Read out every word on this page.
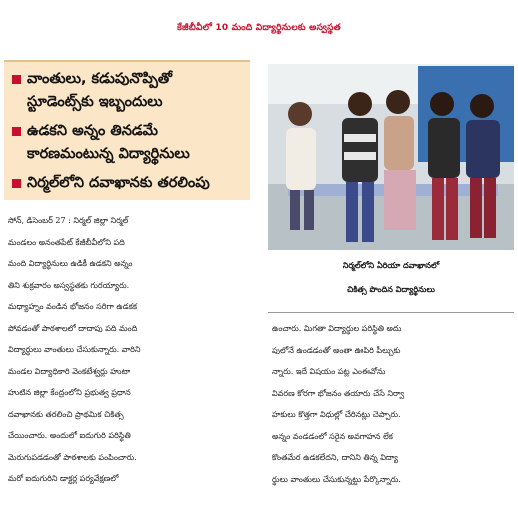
కేజీబీవీలో 10 మంది విద్యార్థినులకు అస్వస్థత
వాంతులు, కడుపునొప్పితో
స్టూడెంట్స్‌కు ఇబ్బందులు
ఉడకని అన్నం తినడమే
కారణమంటున్న విద్యార్థినులు
నిర్మల్‌లోని దవాఖానకు తరలింపు
నిర్మల్‌లోని ఏరియా దవాఖానలో
చికిత్స పొందిన విద్యార్థినులు
సోన్, డిసెంబర్ 27 : నిర్మల్ జిల్లా నిర్మల్
మండలం అనంతపేట్ కేజీబీవీలోని పది
మంది విద్యార్థినులు ఉడికీ ఉడకని అన్నం
తిని శుక్రవారం అస్వస్థతకు గురయ్యారు.
మధ్యాహ్నం వండిన భోజనం సరిగా ఉడకక
పోవడంతో పాఠశాలలో దాదాపు పది మంది
విద్యార్థులు వాంతులు చేసుకున్నారు. వారిని
మండల విద్యాధికారి వెంకటేశ్వర్లు హుటా
హుటిన జిల్లా కేంద్రంలోని ప్రభుత్వ ప్రధాన
దవాఖానకు తరలించి ప్రాథమిక చికిత్స
చేయించారు. అందులో ఐదుగురి పరిస్థితి
మెరుగుపడడంతో పాఠశాలకు పంపించారు.
మరో ఐదుగురిని డాక్టర్ల పర్యవేక్షణలో
ఉంచారు. మిగతా విద్యార్థుల పరిస్థితి అదు
పులోనే ఉండడంతో అంతా ఊపిరి పీల్చుకు
న్నారు. ఇదే విషయం పట్ల ఎంఈవోను
వివరణ కోరగా భోజనం తయారు చేసే నిర్వా
హకులు కొత్తగా విధుల్లో చేరినట్లు చెప్పారు.
అన్నం వండడంలో సరైన అవగాహన లేక
కొంతమేర ఉడకలేదని, దానిని తిన్న విద్యా
ర్థులు వాంతులు చేసుకున్నట్టు పేర్కొన్నారు.
